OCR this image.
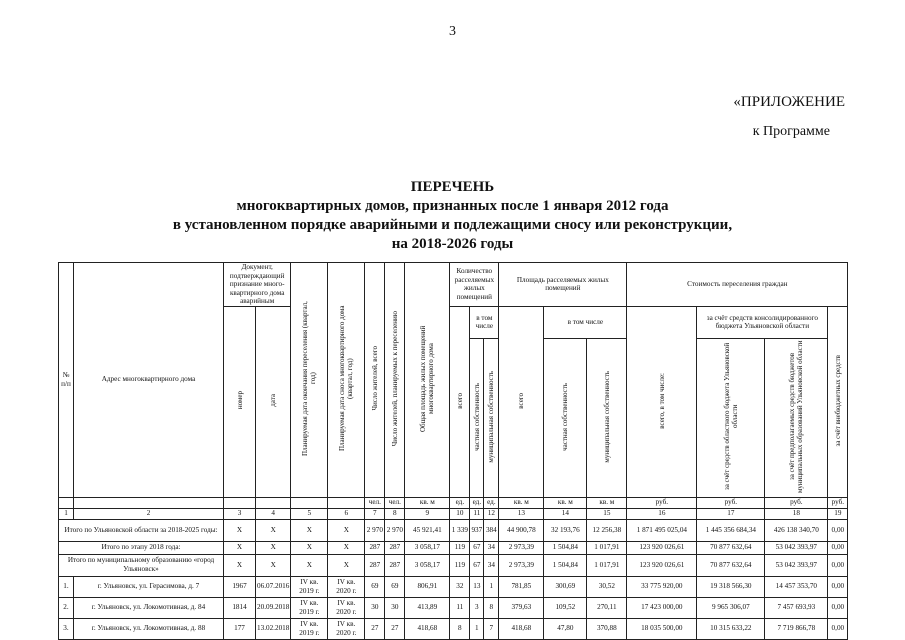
3
«ПРИЛОЖЕНИЕ
к Программе
ПЕРЕЧЕНЬ
многоквартирных домов, признанных после 1 января 2012 года
в установленном порядке аварийными и подлежащими сносу или реконструкции,
на 2018-2026 годы
№ п/п	Адрес многоквартирного дома	Документ, подтверждающий признание много-квартирного дома аварийным		Планируемая дата окончания переселения (квартал, год)	Планируемая дата сноса многоквартирного дома (квартал, год)	Число жителей, всего	Число жителей, планируемых к переселению	Общая площадь жилых помещений многоквартирного дома	Количество расселяемых жилых помещений			Площадь расселяемых жилых помещений			Стоимость переселения граждан			
		номер	дата						всего	в том числе		всего	в том числе		всего, в том числе:	за счёт средств консолидированного бюджета Ульяновской области		за счёт внебюджетных средств
										частная собственность	муниципальная собственность		частная собственность	муниципальная собственность		за счёт средств областного бюджета Ульяновской области	за счёт предполагаемых средств бюджетов муниципальных образований Ульяновской области	
						чел.	чел.	кв. м	ед.	ед.	ед.	кв. м	кв. м	кв. м	руб.	руб.	руб.	руб.
1	2	3	4	5	6	7	8	9	10	11	12	13	14	15	16	17	18	19
Итого по Ульяновской области за 2018-2025 годы:		X	X	X	X	2 970	2 970	45 921,41	1 339	937	384	44 900,78	32 193,76	12 256,38	1 871 495 025,04	1 445 356 684,34	426 138 340,70	0,00
Итого по этапу 2018 года:		X	X	X	X	287	287	3 058,17	119	67	34	2 973,39	1 504,84	1 017,91	123 920 026,61	70 877 632,64	53 042 393,97	0,00
Итого по муниципальному образованию «город Ульяновск»		X	X	X	X	287	287	3 058,17	119	67	34	2 973,39	1 504,84	1 017,91	123 920 026,61	70 877 632,64	53 042 393,97	0,00
1.	г. Ульяновск, ул. Герасимова, д. 7	1967	06.07.2016	IV кв. 2019 г.	IV кв. 2020 г.	69	69	806,91	32	13	1	781,85	300,69	30,52	33 775 920,00	19 318 566,30	14 457 353,70	0,00
2.	г. Ульяновск, ул. Локомотивная, д. 84	1814	20.09.2018	IV кв. 2019 г.	IV кв. 2020 г.	30	30	413,89	11	3	8	379,63	109,52	270,11	17 423 000,00	9 965 306,07	7 457 693,93	0,00
3.	г. Ульяновск, ул. Локомотивная, д. 88	177	13.02.2018	IV кв. 2019 г.	IV кв. 2020 г.	27	27	418,68	8	1	7	418,68	47,80	370,88	18 035 500,00	10 315 633,22	7 719 866,78	0,00
